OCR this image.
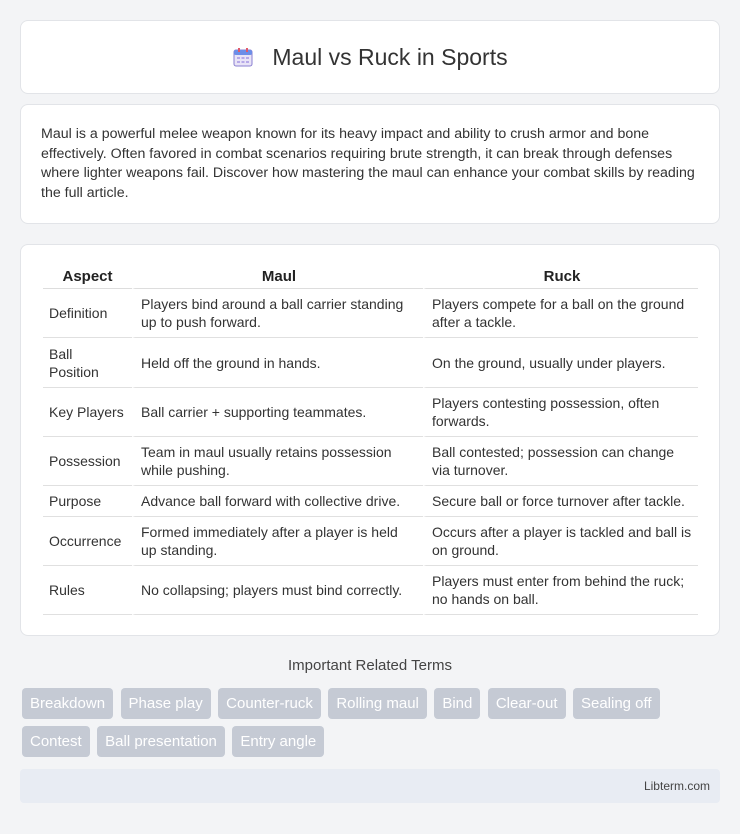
Maul vs Ruck in Sports

Maul is a powerful melee weapon known for its heavy impact and ability to crush armor and bone effectively. Often favored in combat scenarios requiring brute strength, it can break through defenses where lighter weapons fail. Discover how mastering the maul can enhance your combat skills by reading the full article.

Aspect	Maul	Ruck
Definition	Players bind around a ball carrier standing up to push forward.	Players compete for a ball on the ground after a tackle.
Ball Position	Held off the ground in hands.	On the ground, usually under players.
Key Players	Ball carrier + supporting teammates.	Players contesting possession, often forwards.
Possession	Team in maul usually retains possession while pushing.	Ball contested; possession can change via turnover.
Purpose	Advance ball forward with collective drive.	Secure ball or force turnover after tackle.
Occurrence	Formed immediately after a player is held up standing.	Occurs after a player is tackled and ball is on ground.
Rules	No collapsing; players must bind correctly.	Players must enter from behind the ruck; no hands on ball.
Important Related Terms
Breakdown Phase play Counter-ruck Rolling maul Bind Clear-out Sealing off Contest Ball presentation Entry angle
Libterm.com
